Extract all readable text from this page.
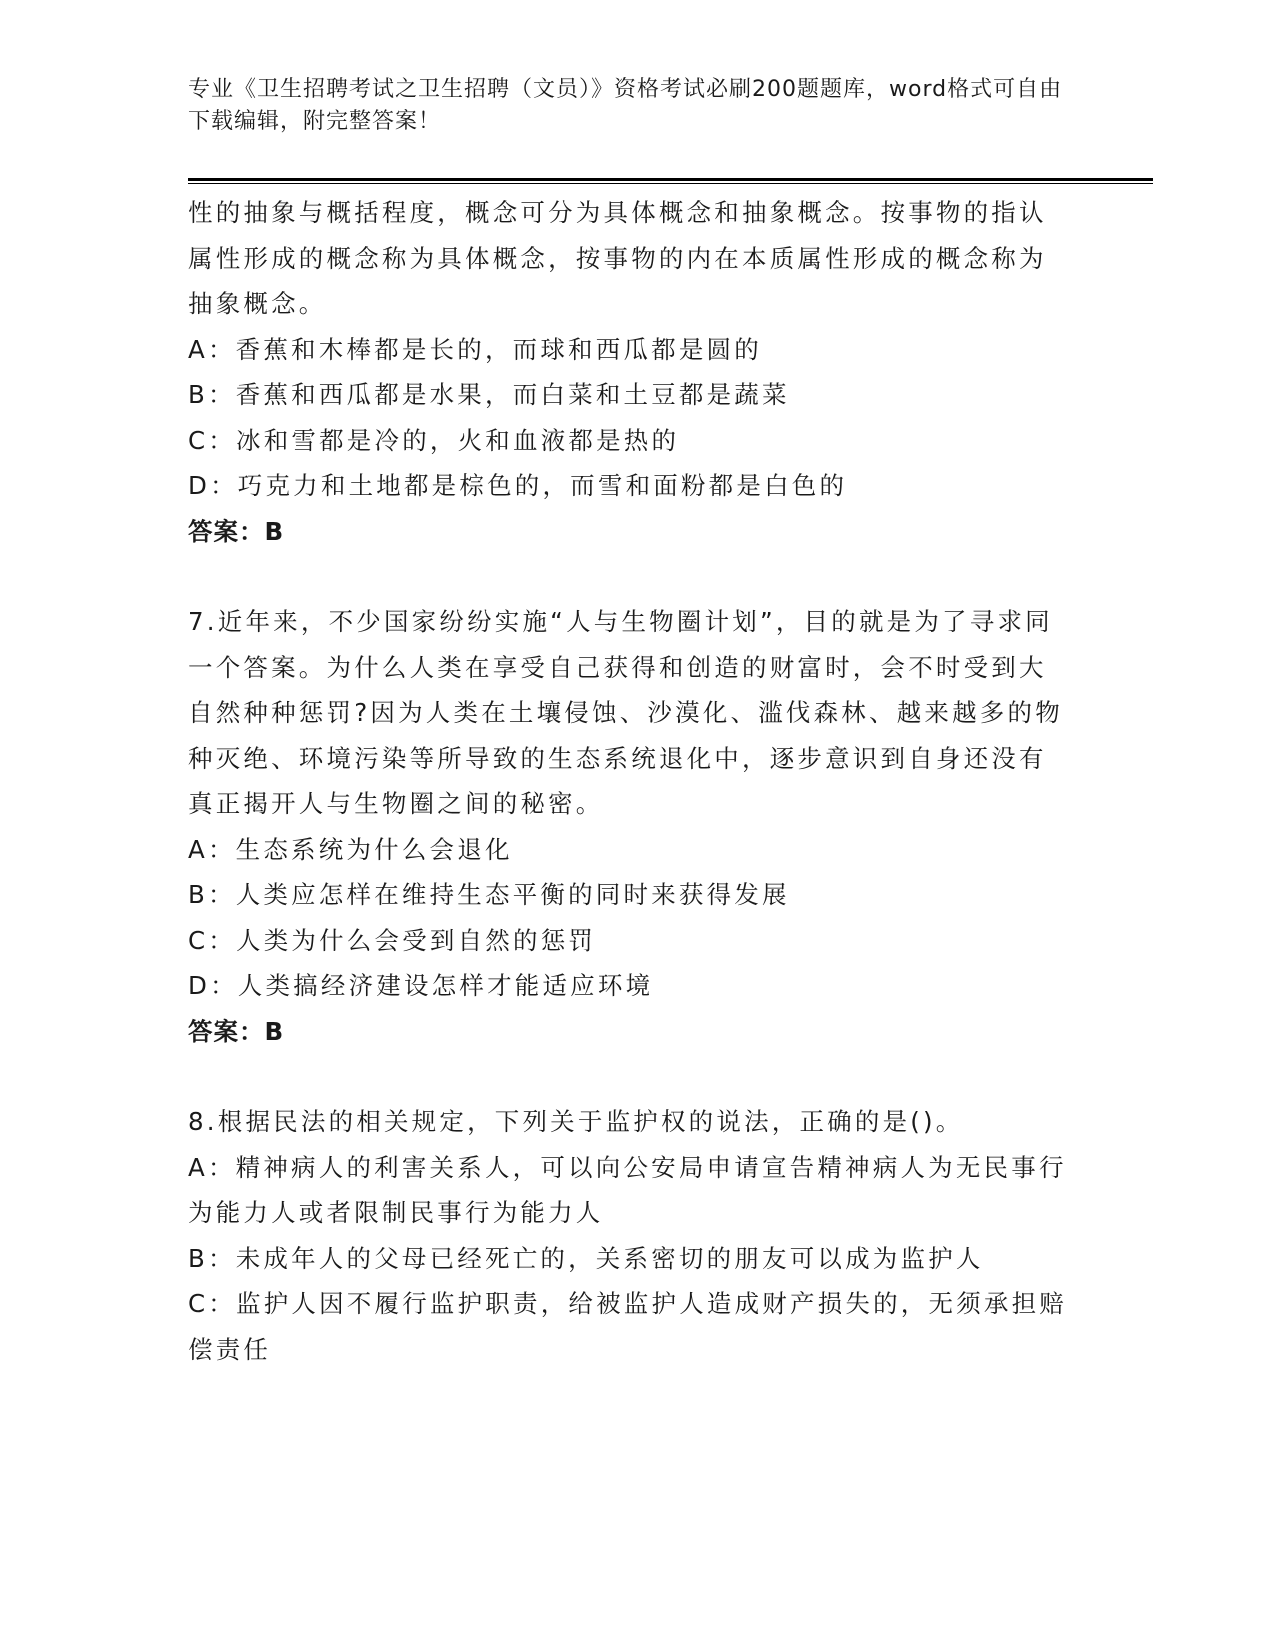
专业《卫生招聘考试之卫生招聘（文员）》资格考试必刷200题题库，word格式可自由下载编辑，附完整答案！

性的抽象与概括程度，概念可分为具体概念和抽象概念。按事物的指认属性形成的概念称为具体概念，按事物的内在本质属性形成的概念称为抽象概念。

A：香蕉和木棒都是长的，而球和西瓜都是圆的

B：香蕉和西瓜都是水果，而白菜和土豆都是蔬菜

C：冰和雪都是冷的，火和血液都是热的

D：巧克力和土地都是棕色的，而雪和面粉都是白色的

答案：B

7.近年来，不少国家纷纷实施“人与生物圈计划”，目的就是为了寻求同一个答案。为什么人类在享受自己获得和创造的财富时，会不时受到大自然种种惩罚?因为人类在土壤侵蚀、沙漠化、滥伐森林、越来越多的物种灭绝、环境污染等所导致的生态系统退化中，逐步意识到自身还没有真正揭开人与生物圈之间的秘密。

A：生态系统为什么会退化

B：人类应怎样在维持生态平衡的同时来获得发展

C：人类为什么会受到自然的惩罚

D：人类搞经济建设怎样才能适应环境

答案：B

8.根据民法的相关规定，下列关于监护权的说法，正确的是()。

A：精神病人的利害关系人，可以向公安局申请宣告精神病人为无民事行为能力人或者限制民事行为能力人

B：未成年人的父母已经死亡的，关系密切的朋友可以成为监护人

C：监护人因不履行监护职责，给被监护人造成财产损失的，无须承担赔偿责任
